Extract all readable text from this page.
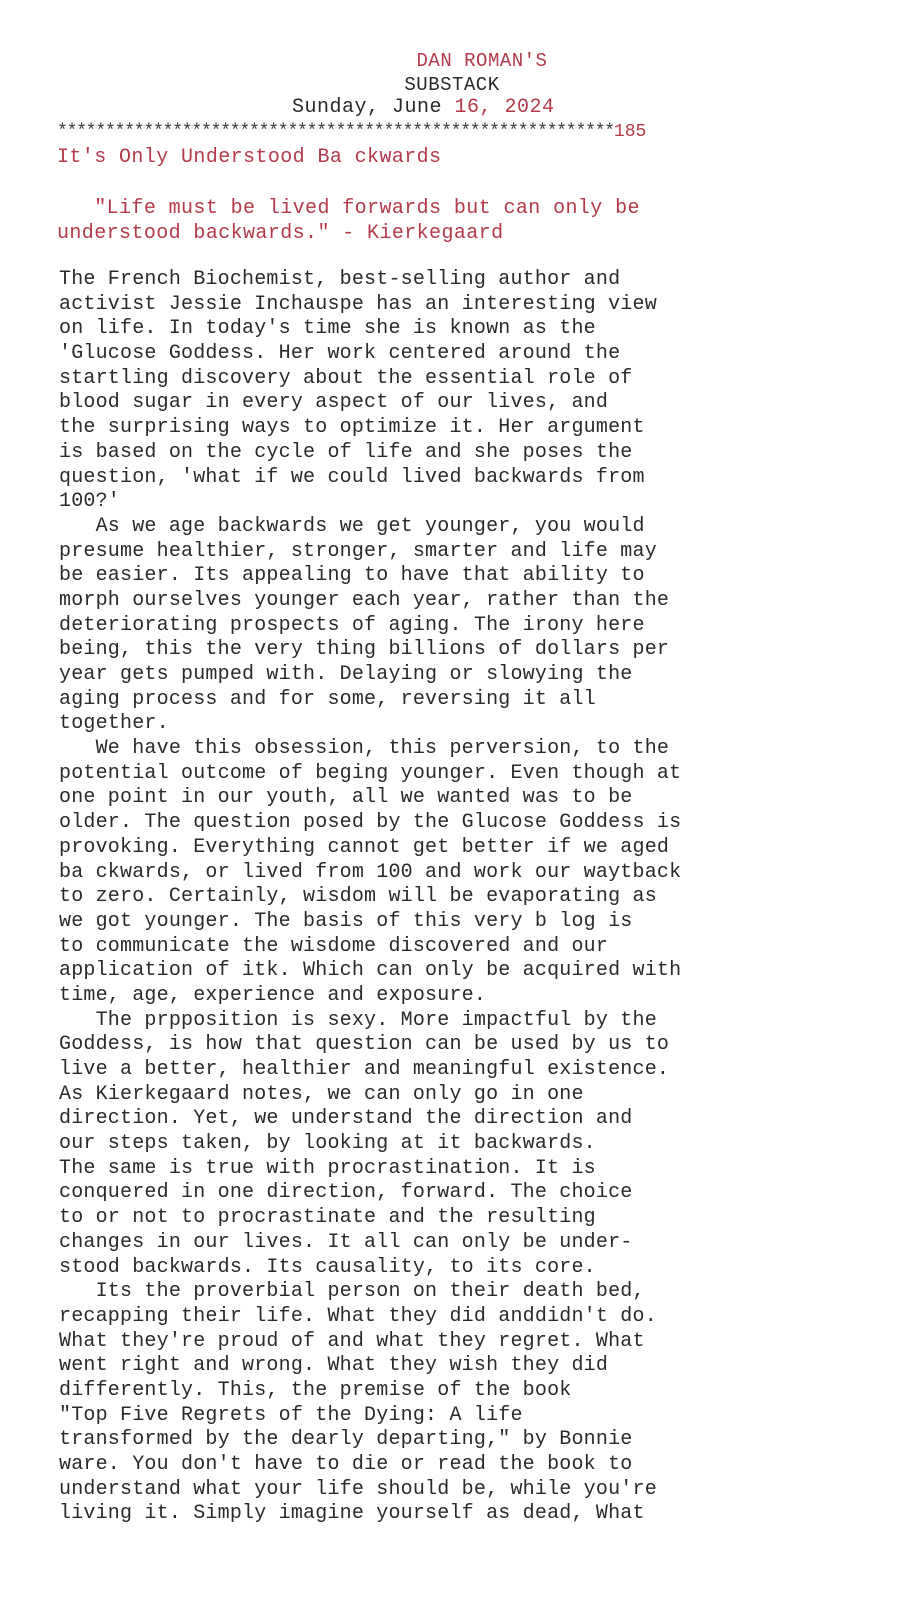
DAN ROMAN'S
SUBSTACK
Sunday, June 16, 2024
**********************************************************185
It's Only Understood Ba ckwards
"Life must be lived forwards but can only be
understood backwards." - Kierkegaard
The French Biochemist, best-selling author and
activist Jessie Inchauspe has an interesting view
on life. In today's time she is known as the
'Glucose Goddess. Her work centered around the
startling discovery about the essential role of
blood sugar in every aspect of our lives, and
the surprising ways to optimize it. Her argument
is based on the cycle of life and she poses the
question, 'what if we could lived backwards from
100?'
As we age backwards we get younger, you would
presume healthier, stronger, smarter and life may
be easier. Its appealing to have that ability to
morph ourselves younger each year, rather than the
deteriorating prospects of aging. The irony here
being, this the very thing billions of dollars per
year gets pumped with. Delaying or slowying the
aging process and for some, reversing it all
together.
We have this obsession, this perversion, to the
potential outcome of beging younger. Even though at
one point in our youth, all we wanted was to be
older. The question posed by the Glucose Goddess is
provoking. Everything cannot get better if we aged
ba ckwards, or lived from 100 and work our waytback
to zero. Certainly, wisdom will be evaporating as
we got younger. The basis of this very b log is
to communicate the wisdome discovered and our
application of itk. Which can only be acquired with
time, age, experience and exposure.
The prpposition is sexy. More impactful by the
Goddess, is how that question can be used by us to
live a better, healthier and meaningful existence.
As Kierkegaard notes, we can only go in one
direction. Yet, we understand the direction and
our steps taken, by looking at it backwards.
The same is true with procrastination. It is
conquered in one direction, forward. The choice
to or not to procrastinate and the resulting
changes in our lives. It all can only be under-
stood backwards. Its causality, to its core.
Its the proverbial person on their death bed,
recapping their life. What they did anddidn't do.
What they're proud of and what they regret. What
went right and wrong. What they wish they did
differently. This, the premise of the book
"Top Five Regrets of the Dying: A life
transformed by the dearly departing," by Bonnie
ware. You don't have to die or read the book to
understand what your life should be, while you're
living it. Simply imagine yourself as dead, What
